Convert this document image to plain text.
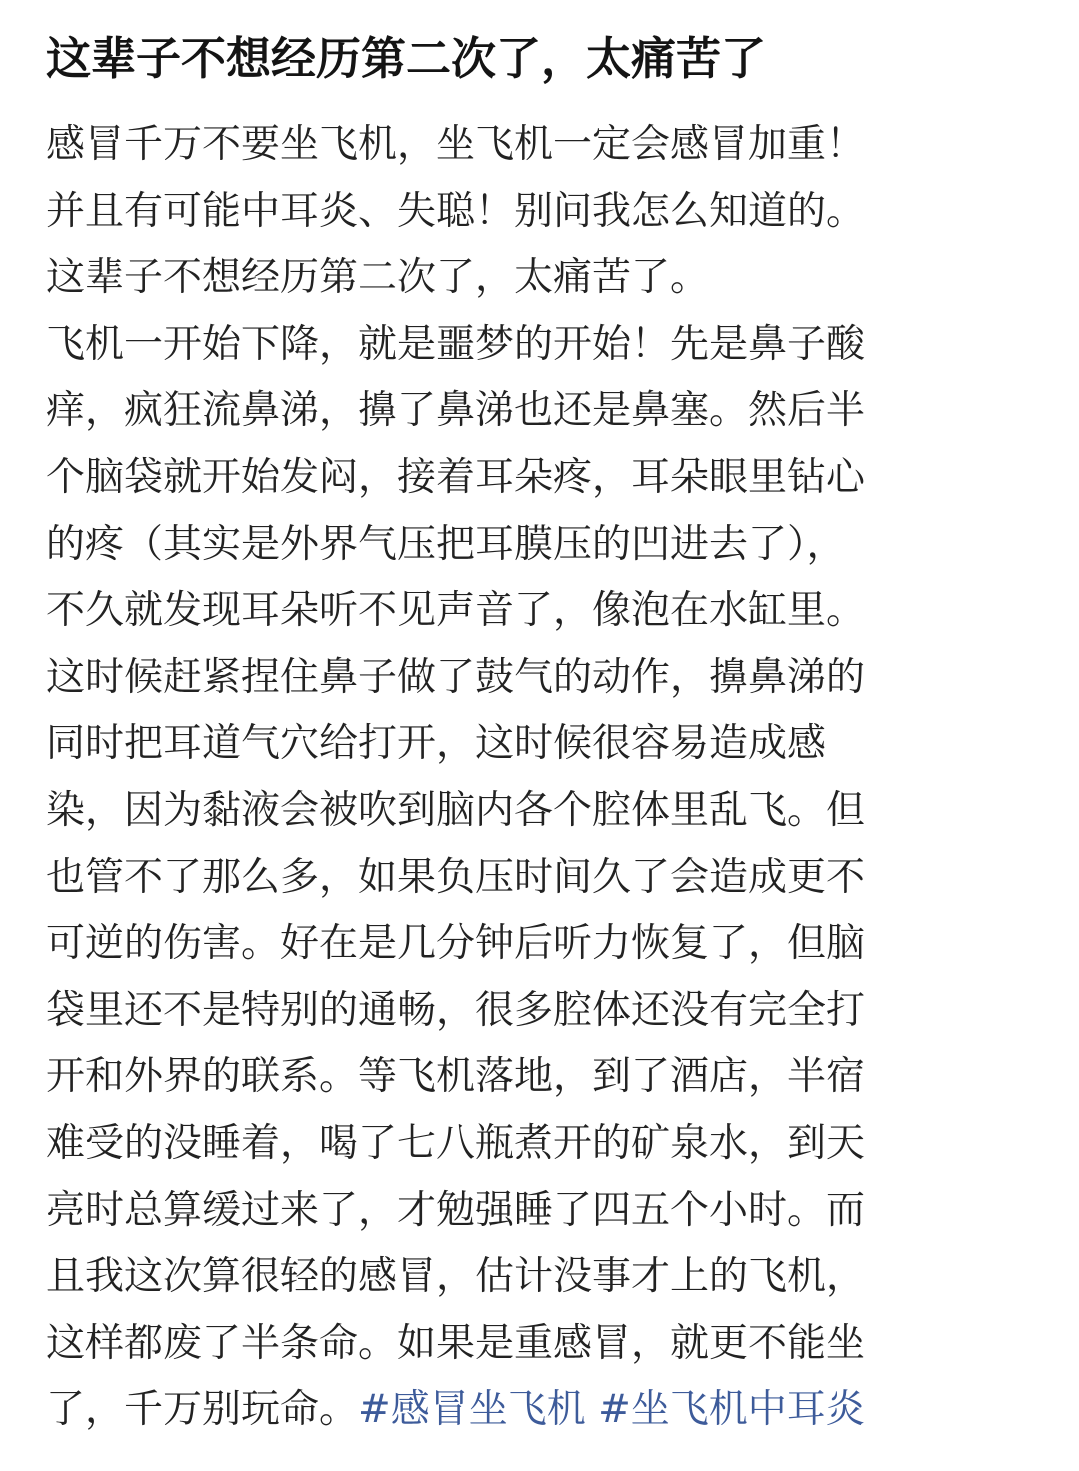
这辈子不想经历第二次了，太痛苦了
感冒千万不要坐飞机，坐飞机一定会感冒加重！
并且有可能中耳炎、失聪！别问我怎么知道的。
这辈子不想经历第二次了，太痛苦了。
飞机一开始下降，就是噩梦的开始！先是鼻子酸
痒，疯狂流鼻涕，擤了鼻涕也还是鼻塞。然后半
个脑袋就开始发闷，接着耳朵疼，耳朵眼里钻心
的疼（其实是外界气压把耳膜压的凹进去了），
不久就发现耳朵听不见声音了，像泡在水缸里。
这时候赶紧捏住鼻子做了鼓气的动作，擤鼻涕的
同时把耳道气穴给打开，这时候很容易造成感
染，因为黏液会被吹到脑内各个腔体里乱飞。但
也管不了那么多，如果负压时间久了会造成更不
可逆的伤害。好在是几分钟后听力恢复了，但脑
袋里还不是特别的通畅，很多腔体还没有完全打
开和外界的联系。等飞机落地，到了酒店，半宿
难受的没睡着，喝了七八瓶煮开的矿泉水，到天
亮时总算缓过来了，才勉强睡了四五个小时。而
且我这次算很轻的感冒，估计没事才上的飞机，
这样都废了半条命。如果是重感冒，就更不能坐
了，千万别玩命。#感冒坐飞机 #坐飞机中耳炎
